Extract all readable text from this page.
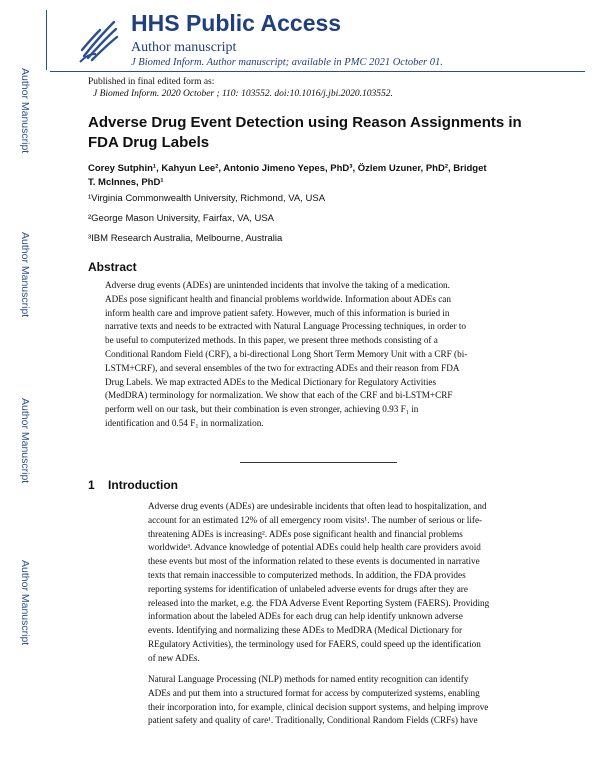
Author Manuscript
Author Manuscript
Author Manuscript
Author Manuscript
HHS Public Access
Author manuscript
J Biomed Inform. Author manuscript; available in PMC 2021 October 01.
Published in final edited form as:
J Biomed Inform. 2020 October ; 110: 103552. doi:10.1016/j.jbi.2020.103552.
Adverse Drug Event Detection using Reason Assignments in
FDA Drug Labels
Corey Sutphin¹, Kahyun Lee², Antonio Jimeno Yepes, PhD³, Özlem Uzuner, PhD², Bridget
T. McInnes, PhD¹
¹Virginia Commonwealth University, Richmond, VA, USA
²George Mason University, Fairfax, VA, USA
³IBM Research Australia, Melbourne, Australia
Abstract
Adverse drug events (ADEs) are unintended incidents that involve the taking of a medication.
ADEs pose significant health and financial problems worldwide. Information about ADEs can
inform health care and improve patient safety. However, much of this information is buried in
narrative texts and needs to be extracted with Natural Language Processing techniques, in order to
be useful to computerized methods. In this paper, we present three methods consisting of a
Conditional Random Field (CRF), a bi-directional Long Short Term Memory Unit with a CRF (bi-
LSTM+CRF), and several ensembles of the two for extracting ADEs and their reason from FDA
Drug Labels. We map extracted ADEs to the Medical Dictionary for Regulatory Activities
(MedDRA) terminology for normalization. We show that each of the CRF and bi-LSTM+CRF
perform well on our task, but their combination is even stronger, achieving 0.93 F₁ in
identification and 0.54 F₁ in normalization.
1 Introduction
Adverse drug events (ADEs) are undesirable incidents that often lead to hospitalization, and
account for an estimated 12% of all emergency room visits¹. The number of serious or life-
threatening ADEs is increasing². ADEs pose significant health and financial problems
worldwide³. Advance knowledge of potential ADEs could help health care providers avoid
these events but most of the information related to these events is documented in narrative
texts that remain inaccessible to computerized methods. In addition, the FDA provides
reporting systems for identification of unlabeled adverse events for drugs after they are
released into the market, e.g. the FDA Adverse Event Reporting System (FAERS). Providing
information about the labeled ADEs for each drug can help identify unknown adverse
events. Identifying and normalizing these ADEs to MedDRA (Medical Dictionary for
REgulatory Activities), the terminology used for FAERS, could speed up the identification
of new ADEs.
Natural Language Processing (NLP) methods for named entity recognition can identify
ADEs and put them into a structured format for access by computerized systems, enabling
their incorporation into, for example, clinical decision support systems, and helping improve
patient safety and quality of care¹. Traditionally, Conditional Random Fields (CRFs) have
